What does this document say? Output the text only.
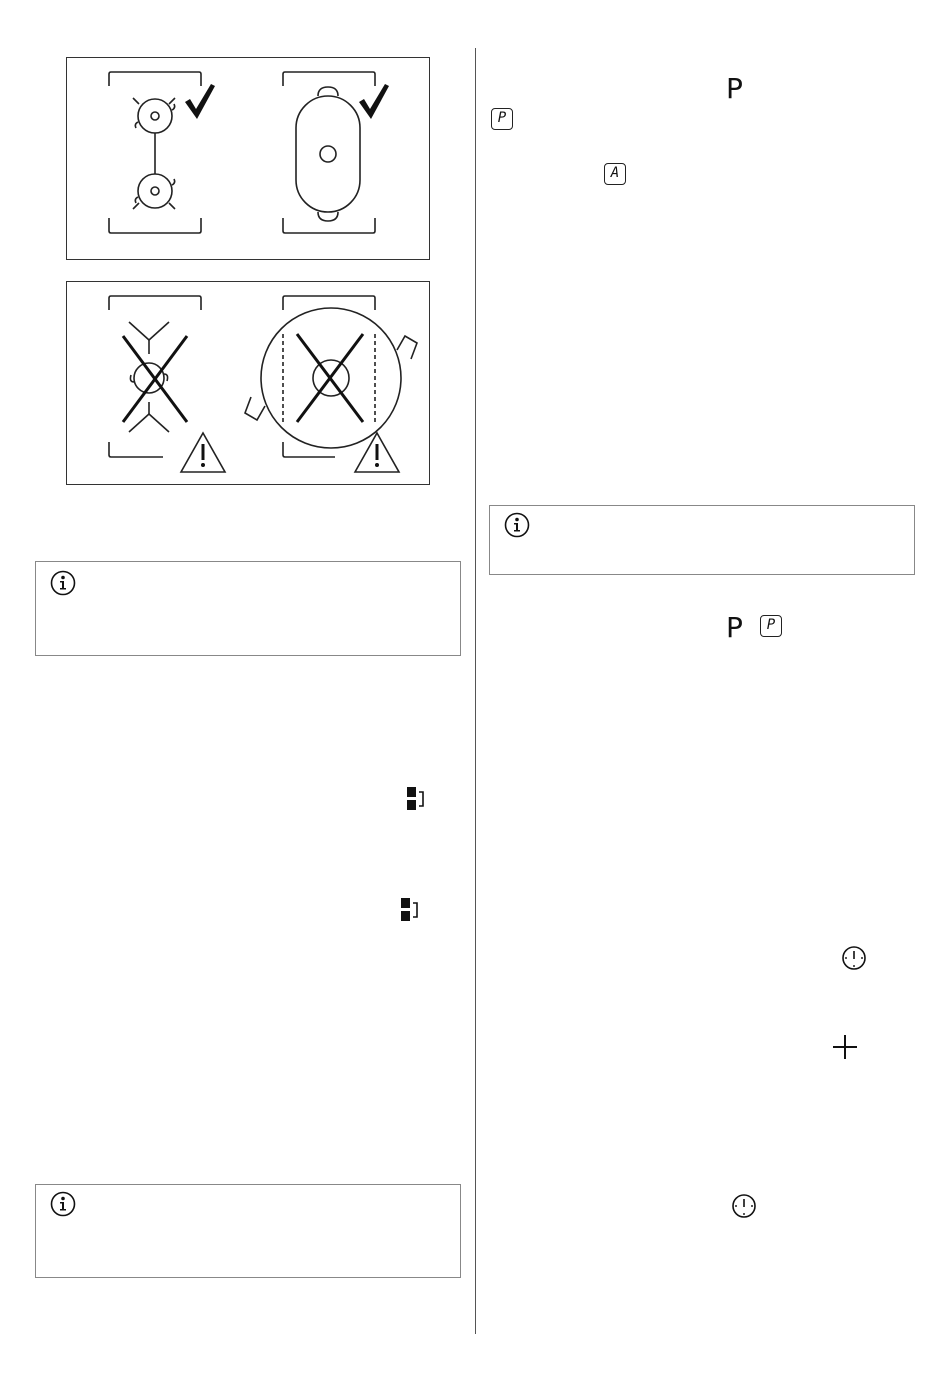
P
P
A
P	P
